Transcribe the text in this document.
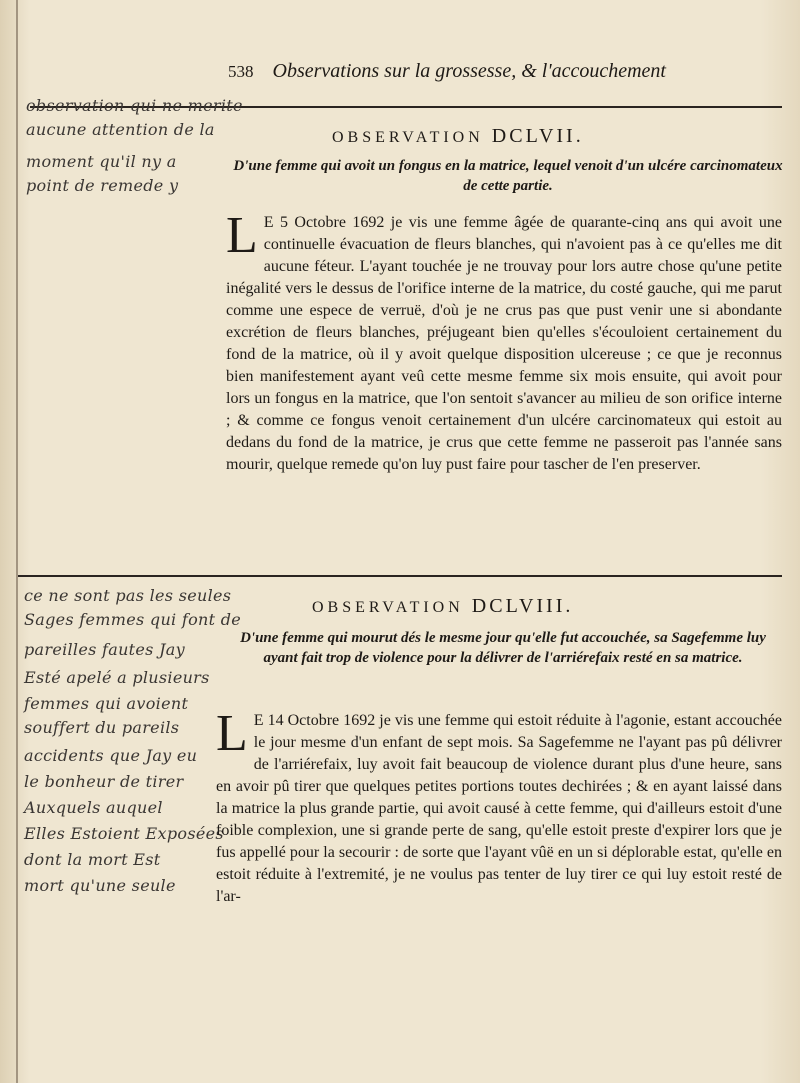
538 Observations sur la grossesse, & l'accouchement
observation qui ne merite
aucune attention de la
moment qu'il ny a
point de remede y
OBSERVATION DCLVII.
D'une femme qui avoit un fongus en la matrice, lequel venoit d'un ulcére carcinomateux de cette partie.

L E 5 Octobre 1692 je vis une femme âgée de quarante-cinq ans qui avoit une continuelle évacuation de fleurs blanches, qui n'avoient pas à ce qu'elles me dit aucune féteur. L'ayant touchée je ne trouvay pour lors autre chose qu'une petite inégalité vers le dessus de l'orifice interne de la matrice, du costé gauche, qui me parut comme une espece de verruë, d'où je ne crus pas que pust venir une si abondante excrétion de fleurs blanches, préjugeant bien qu'elles s'écouloient certainement du fond de la matrice, où il y avoit quelque disposition ulcereuse ; ce que je reconnus bien manifestement ayant veû cette mesme femme six mois ensuite, qui avoit pour lors un fongus en la matrice, que l'on sentoit s'avancer au milieu de son orifice interne ; & comme ce fongus venoit certainement d'un ulcére carcinomateux qui estoit au dedans du fond de la matrice, je crus que cette femme ne passeroit pas l'année sans mourir, quelque remede qu'on luy pust faire pour tascher de l'en preserver.

OBSERVATION DCLVIII.
ce ne sont pas les seules
Sages femmes qui font de
pareilles fautes Jay
Esté apelé a plusieurs
femmes qui avoient
souffert du pareils
accidents que Jay eu
le bonheur de tirer
Auxquels auquel
Elles Estoient Exposées
dont la mort Est
mort qu'une seule
D'une femme qui mourut dés le mesme jour qu'elle fut accouchée, sa Sagefemme luy ayant fait trop de violence pour la délivrer de l'arriérefaix resté en sa matrice.

L E 14 Octobre 1692 je vis une femme qui estoit réduite à l'agonie, estant accouchée le jour mesme d'un enfant de sept mois. Sa Sagefemme ne l'ayant pas pû délivrer de l'arriérefaix, luy avoit fait beaucoup de violence durant plus d'une heure, sans en avoir pû tirer que quelques petites portions toutes dechirées ; & en ayant laissé dans la matrice la plus grande partie, qui avoit causé à cette femme, qui d'ailleurs estoit d'une foible complexion, une si grande perte de sang, qu'elle estoit preste d'expirer lors que je fus appellé pour la secourir : de sorte que l'ayant vûë en un si déplorable estat, qu'elle en estoit réduite à l'extremité, je ne voulus pas tenter de luy tirer ce qui luy estoit resté de l'ar-
